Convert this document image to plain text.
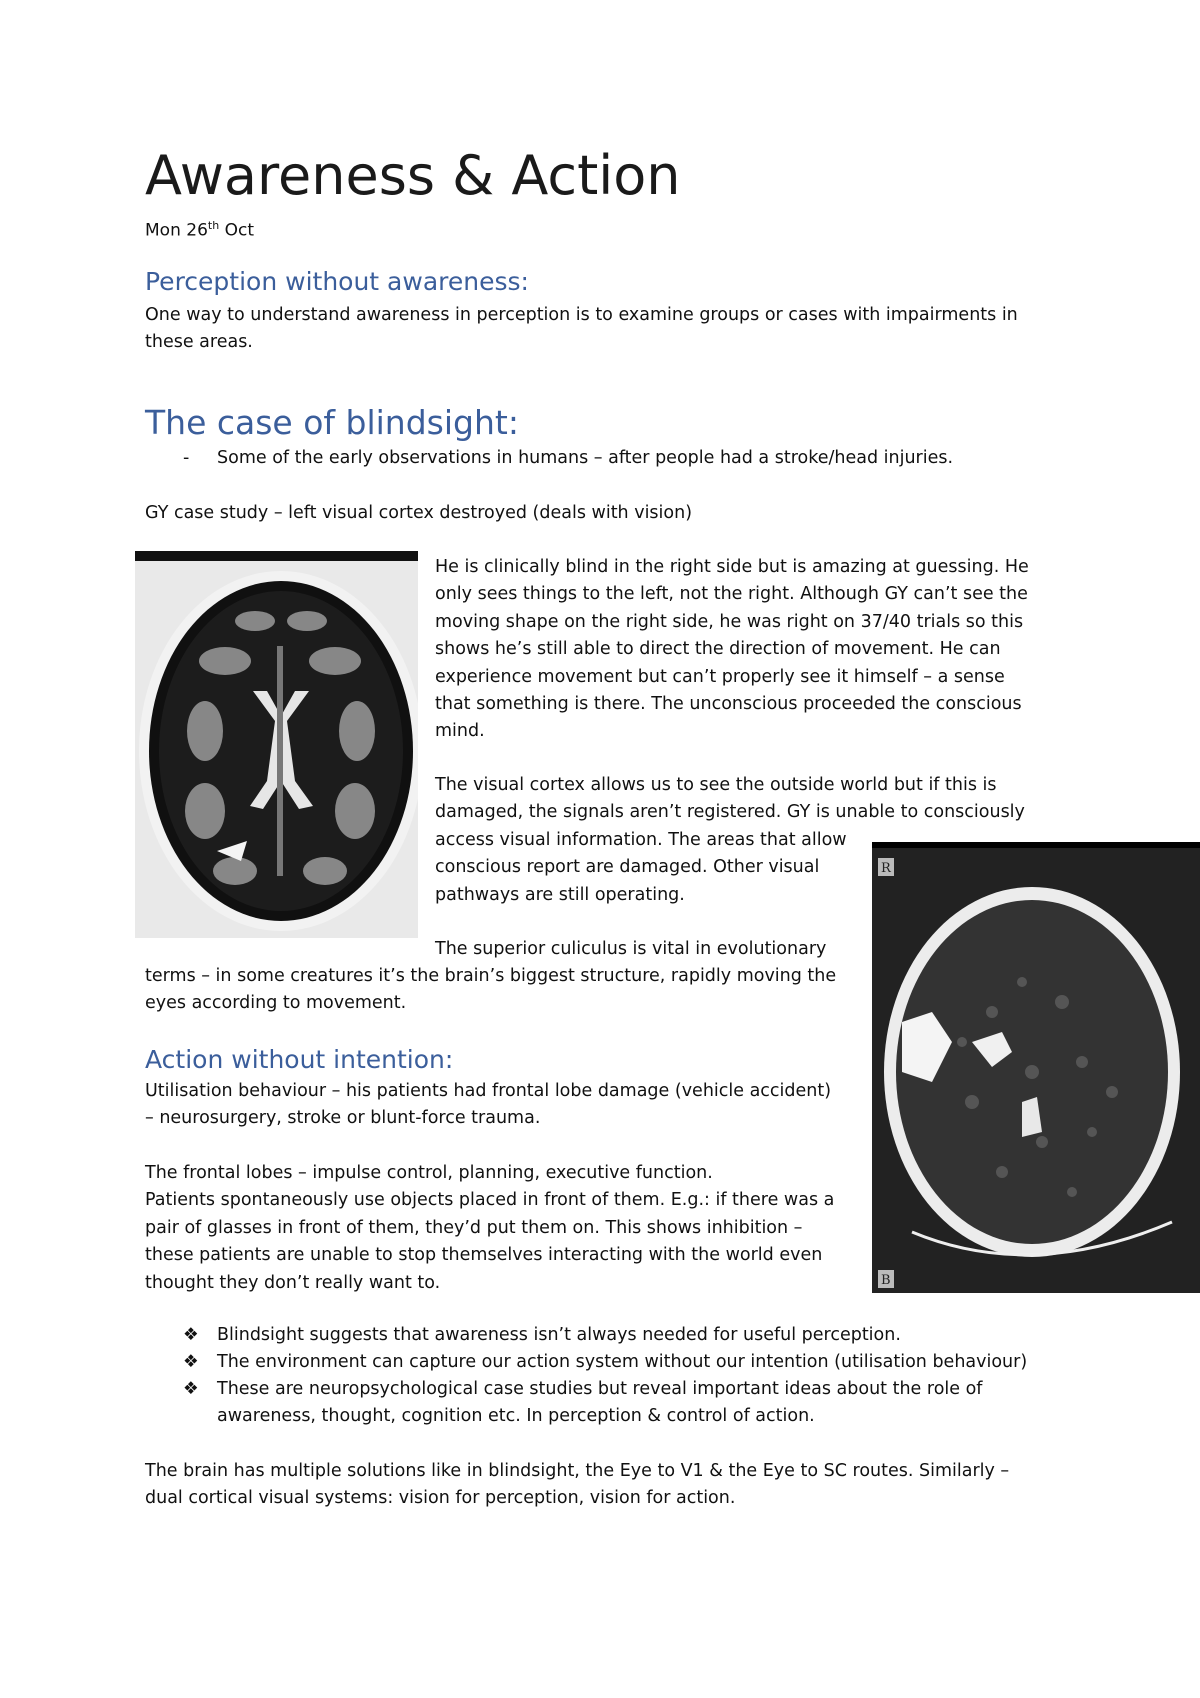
Awareness & Action
Mon 26th Oct
Perception without awareness:
One way to understand awareness in perception is to examine groups or cases with impairments in
these areas.
The case of blindsight:
- Some of the early observations in humans – after people had a stroke/head injuries.
GY case study – left visual cortex destroyed (deals with vision)
He is clinically blind in the right side but is amazing at guessing. He
only sees things to the left, not the right. Although GY can’t see the
moving shape on the right side, he was right on 37/40 trials so this
shows he’s still able to direct the direction of movement. He can
experience movement but can’t properly see it himself – a sense
that something is there. The unconscious proceeded the conscious
mind.
The visual cortex allows us to see the outside world but if this is
damaged, the signals aren’t registered. GY is unable to consciously
access visual information. The areas that allow
conscious report are damaged. Other visual
pathways are still operating.
R
B
The superior culiculus is vital in evolutionary
terms – in some creatures it’s the brain’s biggest structure, rapidly moving the
eyes according to movement.
Action without intention:
Utilisation behaviour – his patients had frontal lobe damage (vehicle accident)
– neurosurgery, stroke or blunt-force trauma.
The frontal lobes – impulse control, planning, executive function.
Patients spontaneously use objects placed in front of them. E.g.: if there was a
pair of glasses in front of them, they’d put them on. This shows inhibition –
these patients are unable to stop themselves interacting with the world even
thought they don’t really want to.
❖ Blindsight suggests that awareness isn’t always needed for useful perception.
❖ The environment can capture our action system without our intention (utilisation behaviour)
❖ These are neuropsychological case studies but reveal important ideas about the role of
awareness, thought, cognition etc. In perception & control of action.
The brain has multiple solutions like in blindsight, the Eye to V1 & the Eye to SC routes. Similarly –
dual cortical visual systems: vision for perception, vision for action.
